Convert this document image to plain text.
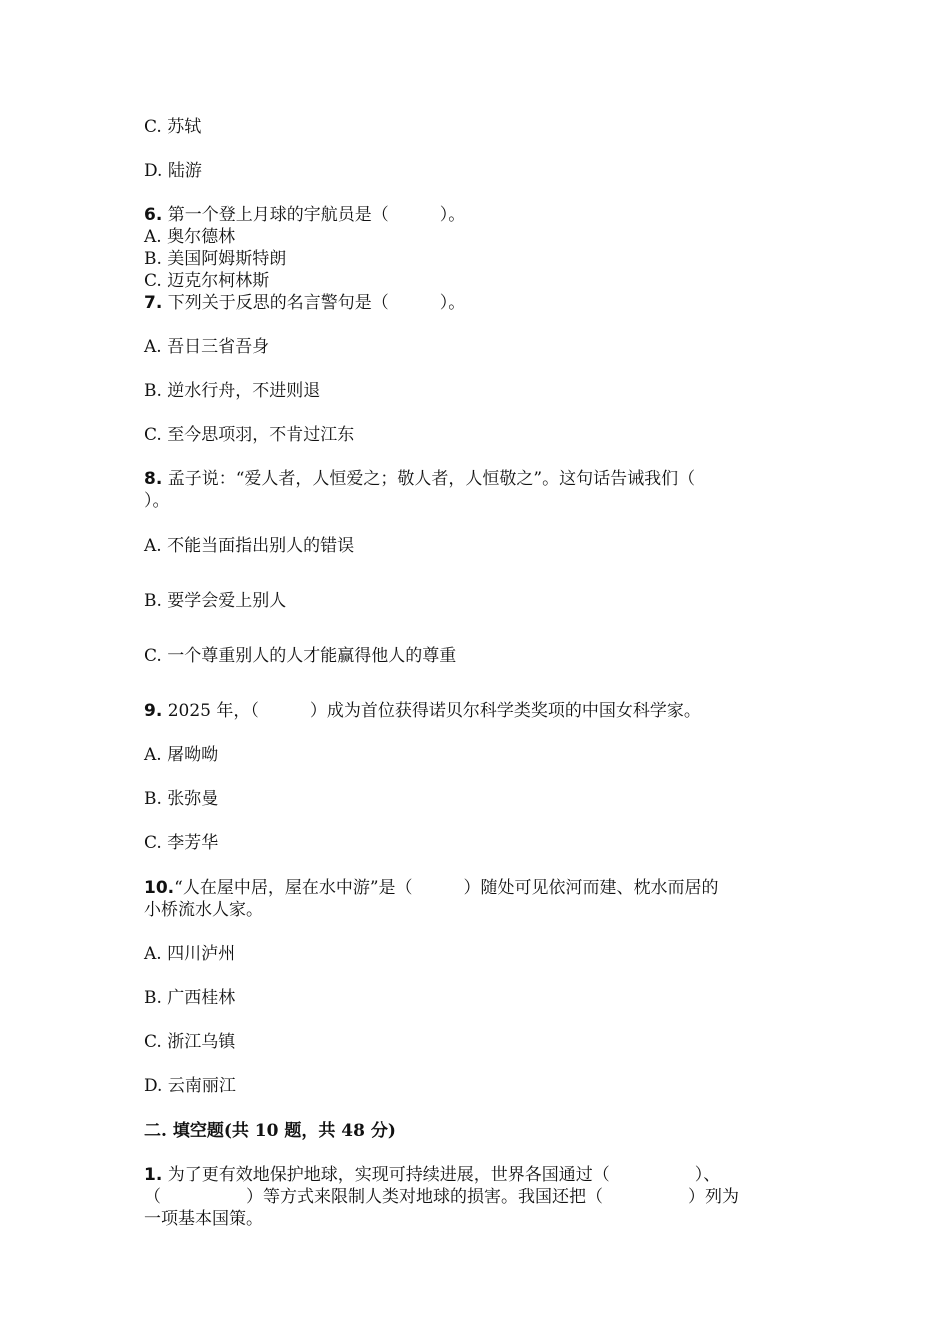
C. 苏轼

D. 陆游

6. 第一个登上月球的宇航员是（　　　）。

A. 奥尔德林

B. 美国阿姆斯特朗

C. 迈克尔柯林斯

7. 下列关于反思的名言警句是（　　　）。

A. 吾日三省吾身

B. 逆水行舟，不进则退

C. 至今思项羽，不肯过江东

8. 孟子说：“爱人者，人恒爱之；敬人者，人恒敬之”。这句话告诫我们（

）。

A. 不能当面指出别人的错误

B. 要学会爱上别人

C. 一个尊重别人的人才能赢得他人的尊重

9. 2025 年，（　　　）成为首位获得诺贝尔科学类奖项的中国女科学家。

A. 屠呦呦

B. 张弥曼

C. 李芳华

10.“人在屋中居，屋在水中游”是（　　　）随处可见依河而建、枕水而居的

小桥流水人家。

A. 四川泸州

B. 广西桂林

C. 浙江乌镇

D. 云南丽江

二. 填空题(共 10 题，共 48 分)

1. 为了更有效地保护地球，实现可持续进展，世界各国通过（　　　　　）、

（　　　　　）等方式来限制人类对地球的损害。我国还把（　　　　　）列为

一项基本国策。
